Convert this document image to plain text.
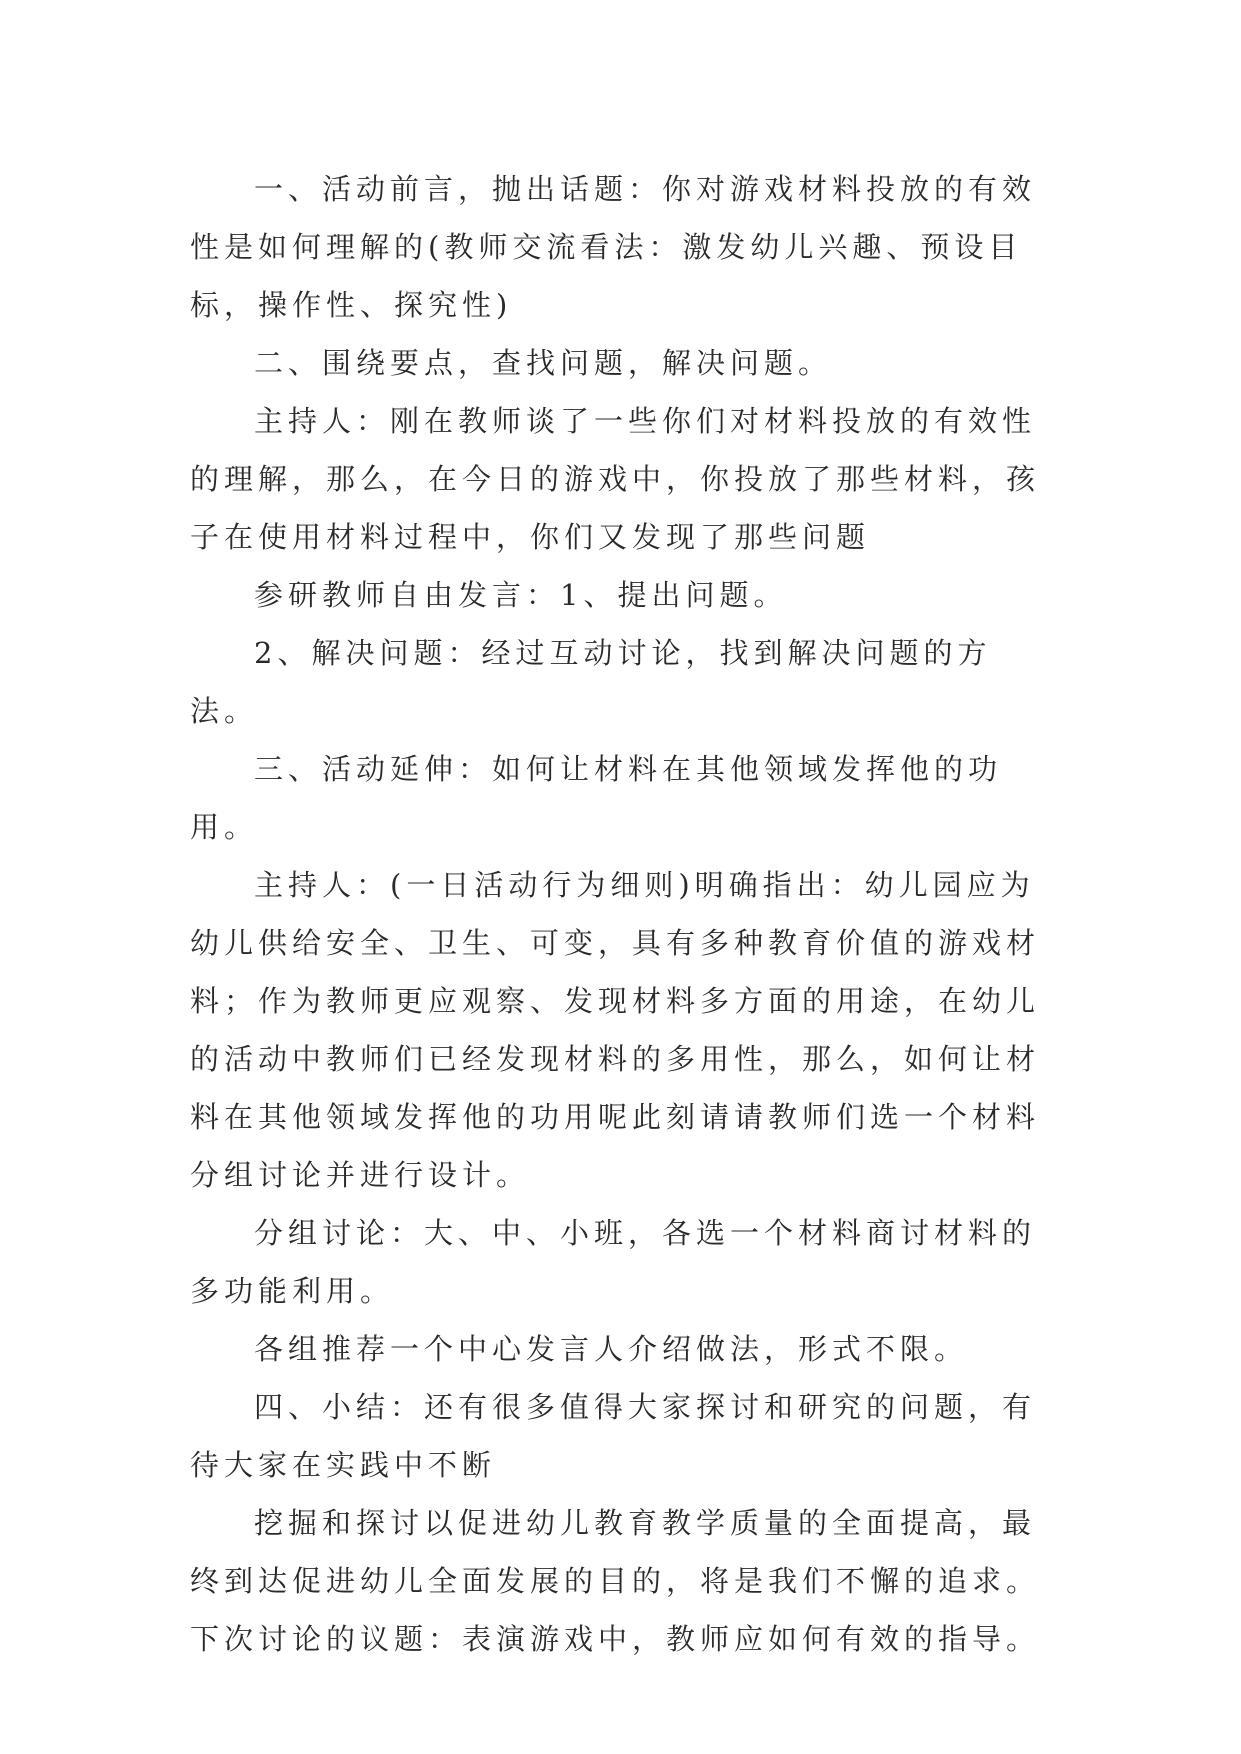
一、活动前言，抛出话题：你对游戏材料投放的有效性是如何理解的(教师交流看法：激发幼儿兴趣、预设目标，操作性、探究性)

二、围绕要点，查找问题，解决问题。

主持人：刚在教师谈了一些你们对材料投放的有效性的理解，那么，在今日的游戏中，你投放了那些材料，孩子在使用材料过程中，你们又发现了那些问题

参研教师自由发言：1、提出问题。

2、解决问题：经过互动讨论，找到解决问题的方法。

三、活动延伸：如何让材料在其他领域发挥他的功用。

主持人：(一日活动行为细则)明确指出：幼儿园应为幼儿供给安全、卫生、可变，具有多种教育价值的游戏材料；作为教师更应观察、发现材料多方面的用途，在幼儿的活动中教师们已经发现材料的多用性，那么，如何让材料在其他领域发挥他的功用呢此刻请请教师们选一个材料分组讨论并进行设计。

分组讨论：大、中、小班，各选一个材料商讨材料的多功能利用。

各组推荐一个中心发言人介绍做法，形式不限。

四、小结：还有很多值得大家探讨和研究的问题，有待大家在实践中不断

挖掘和探讨以促进幼儿教育教学质量的全面提高，最终到达促进幼儿全面发展的目的，将是我们不懈的追求。下次讨论的议题：表演游戏中，教师应如何有效的指导。
